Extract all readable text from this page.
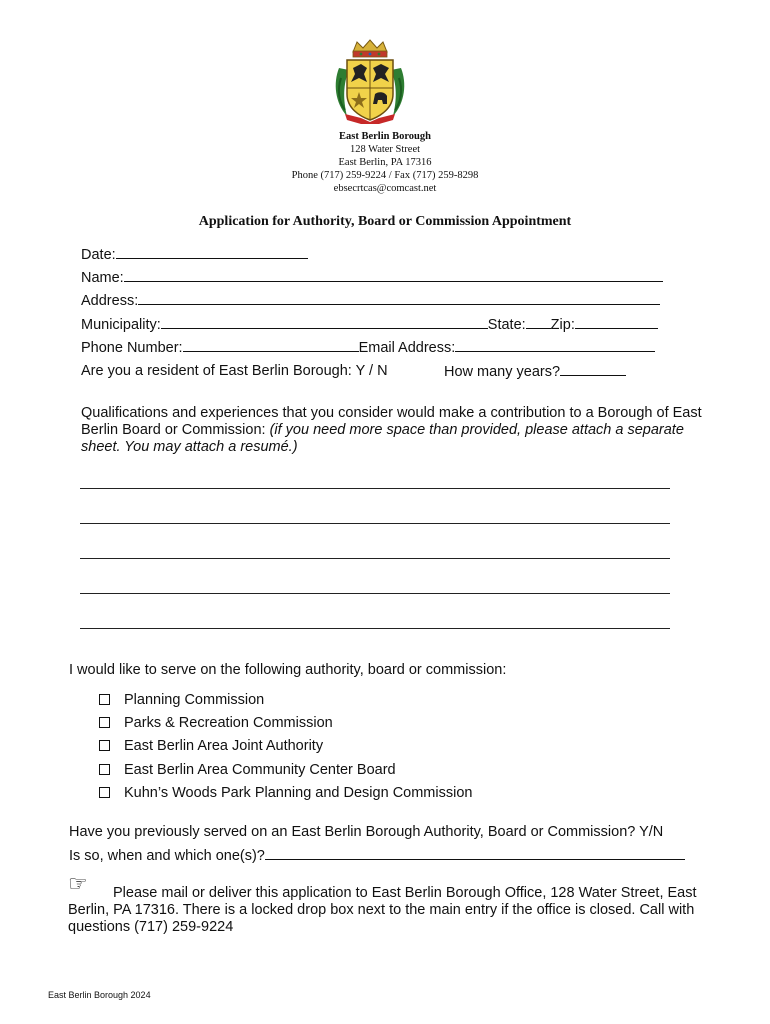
East Berlin Borough
128 Water Street
East Berlin, PA 17316
Phone (717) 259-9224 / Fax (717) 259-8298
ebsecrtcas@comcast.net
Application for Authority, Board or Commission Appointment
Date:
Name:
Address:
Municipality:	State: Zip:
Phone Number:	Email Address:
Are you a resident of East Berlin Borough: Y / N	How many years?
Qualifications and experiences that you consider would make a contribution to a Borough of East Berlin Board or Commission: (if you need more space than provided, please attach a separate sheet. You may attach a resumé.)
I would like to serve on the following authority, board or commission:
Planning Commission
Parks & Recreation Commission
East Berlin Area Joint Authority
East Berlin Area Community Center Board
Kuhn’s Woods Park Planning and Design Commission
Have you previously served on an East Berlin Borough Authority, Board or Commission? Y/N
Is so, when and which one(s)?
☞	Please mail or deliver this application to East Berlin Borough Office, 128 Water Street, East Berlin, PA 17316. There is a locked drop box next to the main entry if the office is closed. Call with questions (717) 259-9224
East Berlin Borough 2024
